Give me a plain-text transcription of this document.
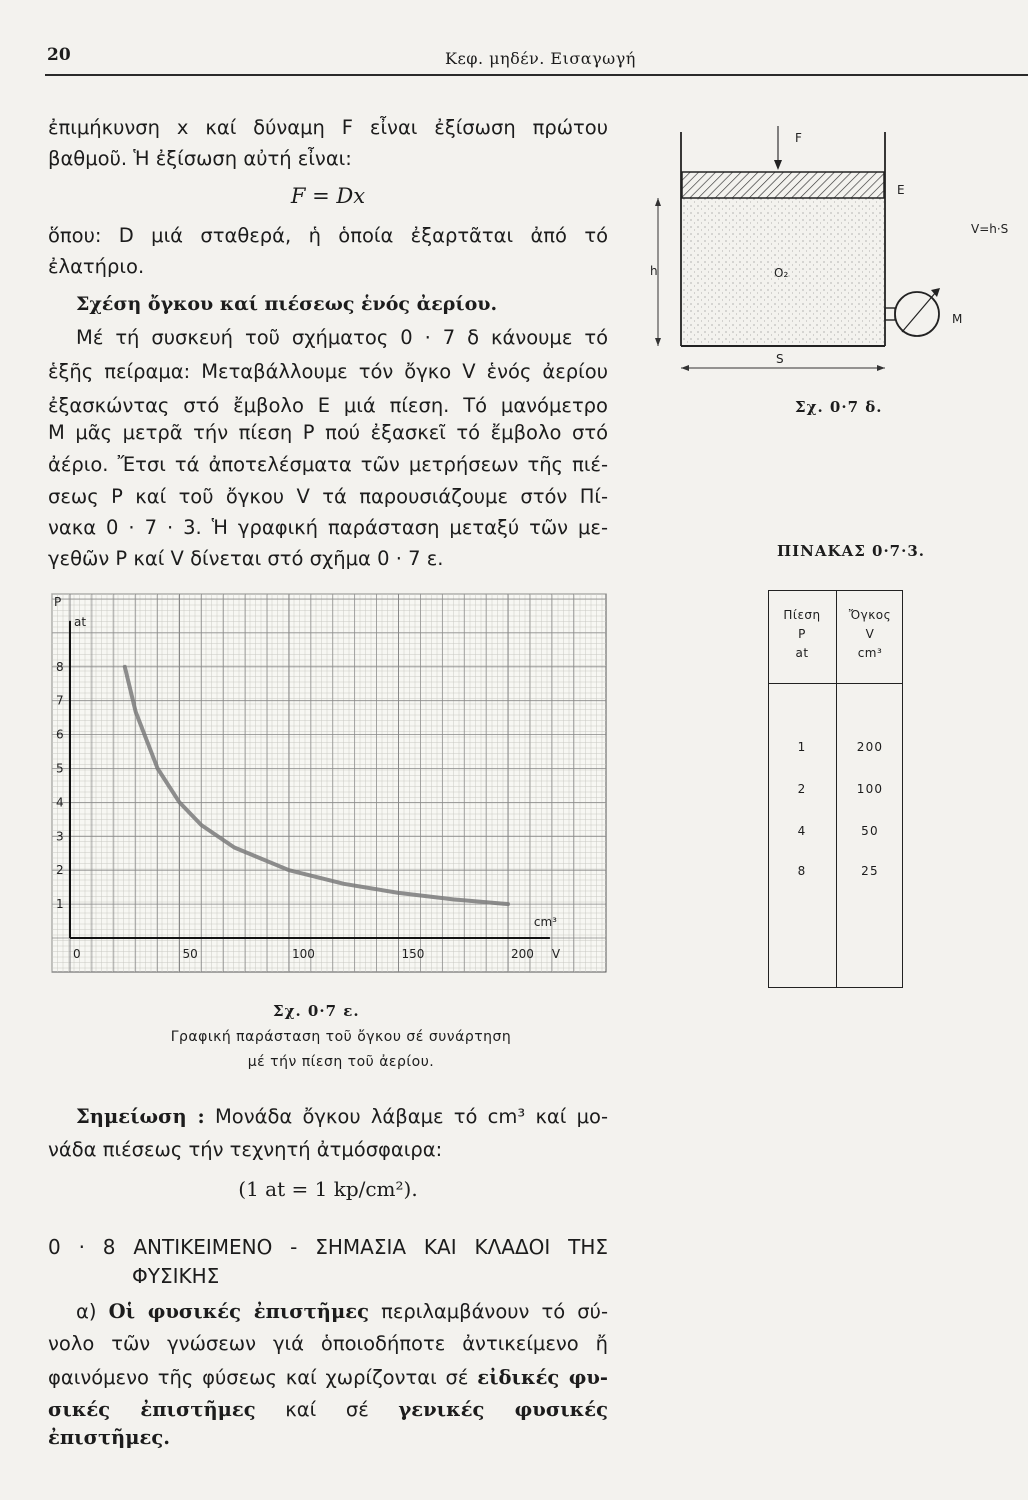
20	Κεφ. μηδέν. Εισαγωγή
ἐπιμήκυνση x καί δύναμη F εἶναι ἐξίσωση πρώτου
βαθμοῦ. Ἡ ἐξίσωση αὐτή εἶναι:
F = Dx
ὅπου: D μιά σταθερά, ἡ ὁποία ἐξαρτᾶται ἀπό τό
ἐλατήριο.
Σχέση ὄγκου καί πιέσεως ἑνός ἀερίου.
Μέ τή συσκευή τοῦ σχήματος 0 · 7 δ κάνουμε τό
ἑξῆς πείραμα: Μεταβάλλουμε τόν ὄγκο V ἑνός ἀερίου
ἐξασκώντας στό ἔμβολο Ε μιά πίεση. Τό μανόμετρο
Μ μᾶς μετρᾶ τήν πίεση Ρ πού ἐξασκεῖ τό ἔμβολο στό
ἀέριο. Ἔτσι τά ἀποτελέσματα τῶν μετρήσεων τῆς πιέ-
σεως Ρ καί τοῦ ὄγκου V τά παρουσιάζουμε στόν Πί-
νακα 0 · 7 · 3. Ἡ γραφική παράσταση μεταξύ τῶν με-
γεθῶν Ρ καί V δίνεται στό σχῆμα 0 · 7 ε.
F
E
O₂
h
S
V=h·S
M
Σχ. 0·7 δ.
ΠΙΝΑΚΑΣ 0·7·3.
Πίεση
P
at
Ὄγκος
V
cm³
1	200
2	100
4	50
8	25
0	50	100	150	200
1
2
3
4
5
6
7
8
P
at
V
cm³
Σχ. 0·7 ε.
Γραφική παράσταση τοῦ ὄγκου σέ συνάρτηση
μέ τήν πίεση τοῦ ἀερίου.
Σημείωση : Μονάδα ὄγκου λάβαμε τό cm³ καί μο-
νάδα πιέσεως τήν τεχνητή ἀτμόσφαιρα:
(1 at = 1 kp/cm²).
0 · 8 ΑΝΤΙΚΕΙΜΕΝΟ - ΣΗΜΑΣΙΑ ΚΑΙ ΚΛΑΔΟΙ ΤΗΣ
ΦΥΣΙΚΗΣ
α) Οἱ φυσικές ἐπιστῆμες περιλαμβάνουν τό σύ-
νολο τῶν γνώσεων γιά ὁποιοδήποτε ἀντικείμενο ἤ
φαινόμενο τῆς φύσεως καί χωρίζονται σέ εἰδικές φυ-
σικές ἐπιστῆμες καί σέ γενικές φυσικές ἐπιστῆμες.
